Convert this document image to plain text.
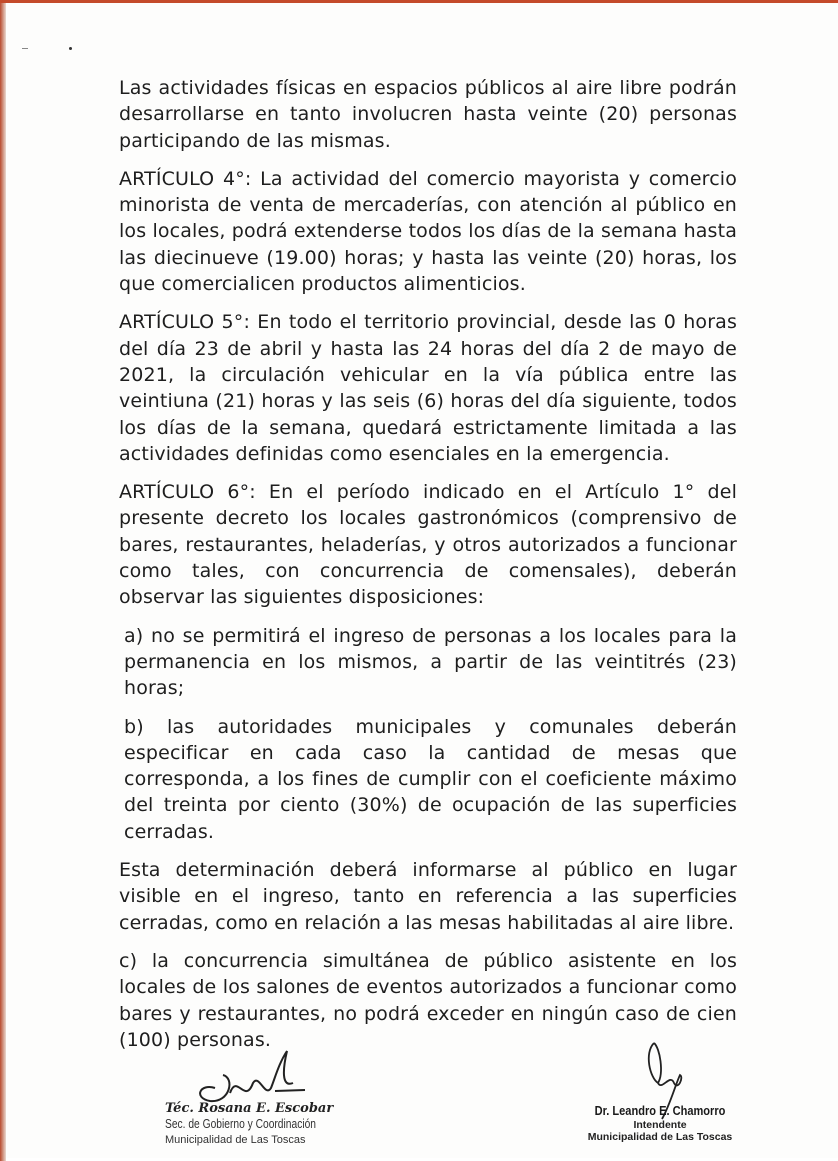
Las actividades físicas en espacios públicos al aire libre podrán desarrollarse en tanto involucren hasta veinte (20) personas participando de las mismas.

ARTÍCULO 4°: La actividad del comercio mayorista y comercio minorista de venta de mercaderías, con atención al público en los locales, podrá extenderse todos los días de la semana hasta las diecinueve (19.00) horas; y hasta las veinte (20) horas, los que comercialicen productos alimenticios.

ARTÍCULO 5°: En todo el territorio provincial, desde las 0 horas del día 23 de abril y hasta las 24 horas del día 2 de mayo de 2021, la circulación vehicular en la vía pública entre las veintiuna (21) horas y las seis (6) horas del día siguiente, todos los días de la semana, quedará estrictamente limitada a las actividades definidas como esenciales en la emergencia.

ARTÍCULO 6°: En el período indicado en el Artículo 1° del presente decreto los locales gastronómicos (comprensivo de bares, restaurantes, heladerías, y otros autorizados a funcionar como tales, con concurrencia de comensales), deberán observar las siguientes disposiciones:

a) no se permitirá el ingreso de personas a los locales para la permanencia en los mismos, a partir de las veintitrés (23) horas;

b) las autoridades municipales y comunales deberán especificar en cada caso la cantidad de mesas que corresponda, a los fines de cumplir con el coeficiente máximo del treinta por ciento (30%) de ocupación de las superficies cerradas.

Esta determinación deberá informarse al público en lugar visible en el ingreso, tanto en referencia a las superficies cerradas, como en relación a las mesas habilitadas al aire libre.

c) la concurrencia simultánea de público asistente en los locales de los salones de eventos autorizados a funcionar como bares y restaurantes, no podrá exceder en ningún caso de cien (100) personas.

Téc. Rosana E. Escobar
Sec. de Gobierno y Coordinación
Municipalidad de Las Toscas
Dr. Leandro E. Chamorro
Intendente
Municipalidad de Las Toscas
